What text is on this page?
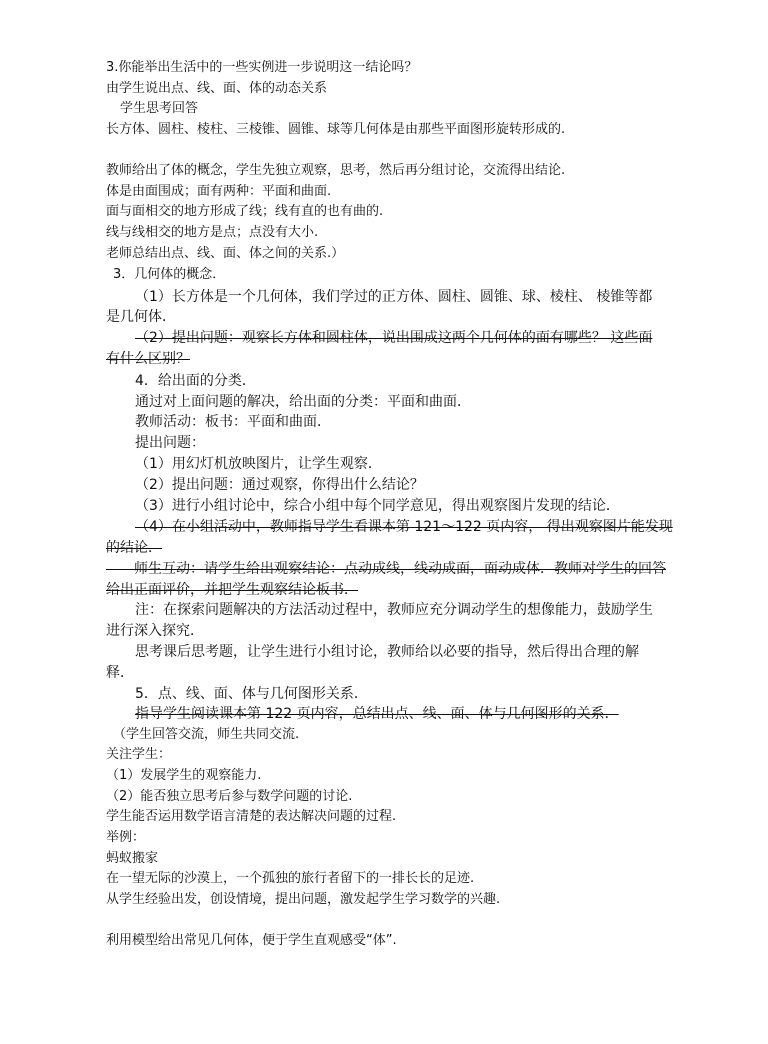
3.你能举出生活中的一些实例进一步说明这一结论吗？
由学生说出点、线、面、体的动态关系
学生思考回答
长方体、圆柱、棱柱、三棱锥、圆锥、球等几何体是由那些平面图形旋转形成的.
教师给出了体的概念，学生先独立观察，思考，然后再分组讨论，交流得出结论.
体是由面围成；面有两种：平面和曲面.
面与面相交的地方形成了线；线有直的也有曲的.
线与线相交的地方是点；点没有大小.
老师总结出点、线、面、体之间的关系.）
3．几何体的概念．
（1）长方体是一个几何体，我们学过的正方体、圆柱、圆锥、球、棱柱、 棱锥等都
是几何体．
（2）提出问题：观察长方体和圆柱体，说出围成这两个几何体的面有哪些？ 这些面
有什么区别？
4．给出面的分类．
通过对上面问题的解决，给出面的分类：平面和曲面．
教师活动：板书：平面和曲面．
提出问题：
（1）用幻灯机放映图片，让学生观察．
（2）提出问题：通过观察，你得出什么结论？
（3）进行小组讨论中，综合小组中每个同学意见，得出观察图片发现的结论．
（4）在小组活动中，教师指导学生看课本第 121～122 页内容， 得出观察图片能发现
的结论．
　　师生互动：请学生给出观察结论：点动成线，线动成面，面动成体．教师对学生的回答
给出正面评价，并把学生观察结论板书．
注：在探索问题解决的方法活动过程中，教师应充分调动学生的想像能力，鼓励学生
进行深入探究．
思考课后思考题，让学生进行小组讨论，教师给以必要的指导，然后得出合理的解
释．
5．点、线、面、体与几何图形关系．
指导学生阅读课本第 122 页内容，总结出点、线、面、体与几何图形的关系．
（学生回答交流，师生共同交流.
关注学生：
（1）发展学生的观察能力.
（2）能否独立思考后参与数学问题的讨论.
学生能否运用数学语言清楚的表达解决问题的过程.
举例：
蚂蚁搬家
在一望无际的沙漠上，一个孤独的旅行者留下的一排长长的足迹.
从学生经验出发，创设情境，提出问题，激发起学生学习数学的兴趣.
利用模型给出常见几何体，便于学生直观感受“体”.
